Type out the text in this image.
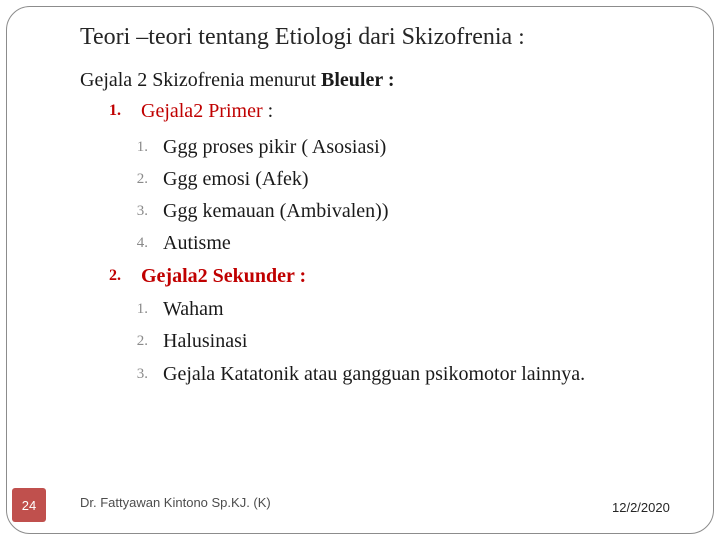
Teori –teori tentang Etiologi dari Skizofrenia :
Gejala 2 Skizofrenia menurut Bleuler :
1. Gejala2 Primer :
1. Ggg proses pikir ( Asosiasi)
2. Ggg emosi (Afek)
3. Ggg kemauan (Ambivalen))
4. Autisme
2. Gejala2 Sekunder :
1. Waham
2. Halusinasi
3. Gejala Katatonik atau gangguan psikomotor lainnya.
24	Dr. Fattyawan Kintono Sp.KJ. (K)	12/2/2020
